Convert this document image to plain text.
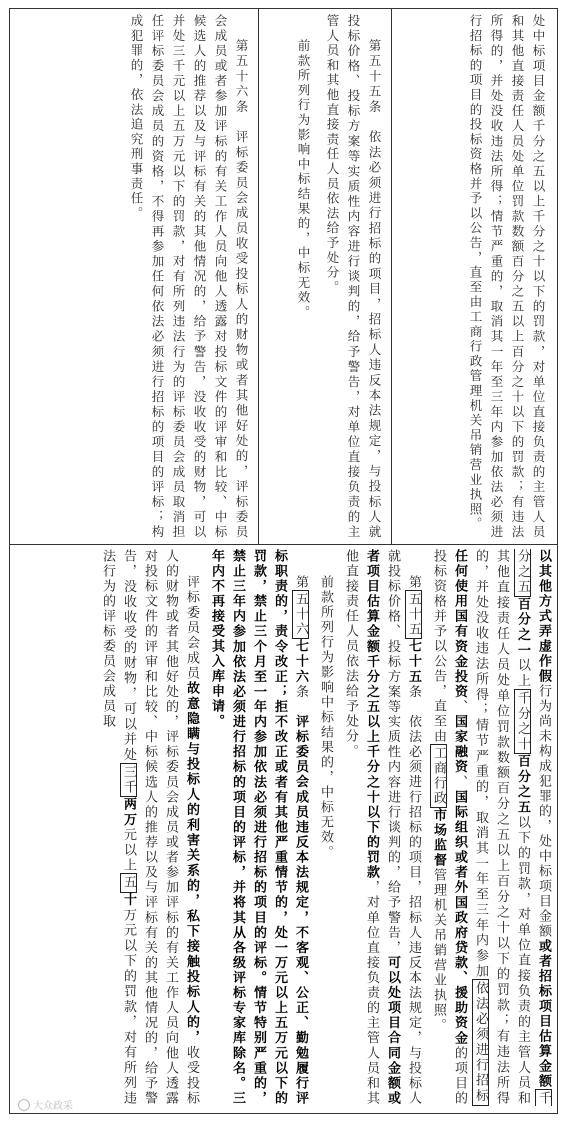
处中标项目金额千分之五以上千分之十以下的罚款，对单位直接负责的主管人员和其他直接责任人员处单位罚款数额百分之五以上百分之十以下的罚款；有违法所得的，并处没收违法所得；情节严重的，取消其一年至三年内参加依法必须进行招标的项目的投标资格并予以公告，直至由工商行政管理机关吊销营业执照。

第五十五条　依法必须进行招标的项目，招标人违反本法规定，与投标人就投标价格、投标方案等实质性内容进行谈判的，给予警告，对单位直接负责的主管人员和其他直接责任人员依法给予处分。

前款所列行为影响中标结果的，中标无效。

第五十六条　评标委员会成员收受投标人的财物或者其他好处的，评标委员会成员或者参加评标的有关工作人员向他人透露对投标文件的评审和比较、中标候选人的推荐以及与评标有关的其他情况的，给予警告，没收收受的财物，可以并处三千元以上五万元以下的罚款，对有所列违法行为的评标委员会成员取消担任评标委员会成员的资格，不得再参加任何依法必须进行招标的项目的评标；构成犯罪的，依法追究刑事责任。

以其他方式弄虚作假行为尚未构成犯罪的，处中标项目金额或者招标项目估算金额千分之五百分之一以上千分之十百分之五以下的罚款，对单位直接负责的主管人员和其他直接责任人员处单位罚款数额百分之五以上百分之十以下的罚款；有违法所得的，并处没收违法所得；情节严重的，取消其一年至三年内参加依法必须进行招标任何使用国有资金投资、国家融资、国际组织或者外国政府贷款、援助资金的项目的投标资格并予以公告，直至由工商行政市场监督管理机关吊销营业执照。

第五十五七十五条　依法必须进行招标的项目，招标人违反本法规定，与投标人就投标价格、投标方案等实质性内容进行谈判的，给予警告，可以处项目合同金额或者项目估算金额千分之五以上千分之十以下的罚款，对单位直接负责的主管人员和其他直接责任人员依法给予处分。

前款所列行为影响中标结果的，中标无效。

第五十六七十六条　评标委员会成员违反本法规定，不客观、公正、勤勉履行评标职责的，责令改正；拒不改正或者有其他严重情节的，处一万元以上五万元以下的罚款，禁止三个月至一年内参加依法必须进行招标的项目的评标。情节特别严重的，禁止三年内参加依法必须进行招标的项目的评标，并将其从各级评标专家库除名。三年内不再接受其入库申请。

评标委员会成员故意隐瞒与投标人的利害关系的，私下接触投标人的，收受投标人的财物或者其他好处的，评标委员会成员或者参加评标的有关工作人员向他人透露对投标文件的评审和比较、中标候选人的推荐以及与评标有关的其他情况的，给予警告，没收收受的财物，可以并处三千两万元以上五十万元以下的罚款，对有所列违法行为的评标委员会成员取

大众政采
